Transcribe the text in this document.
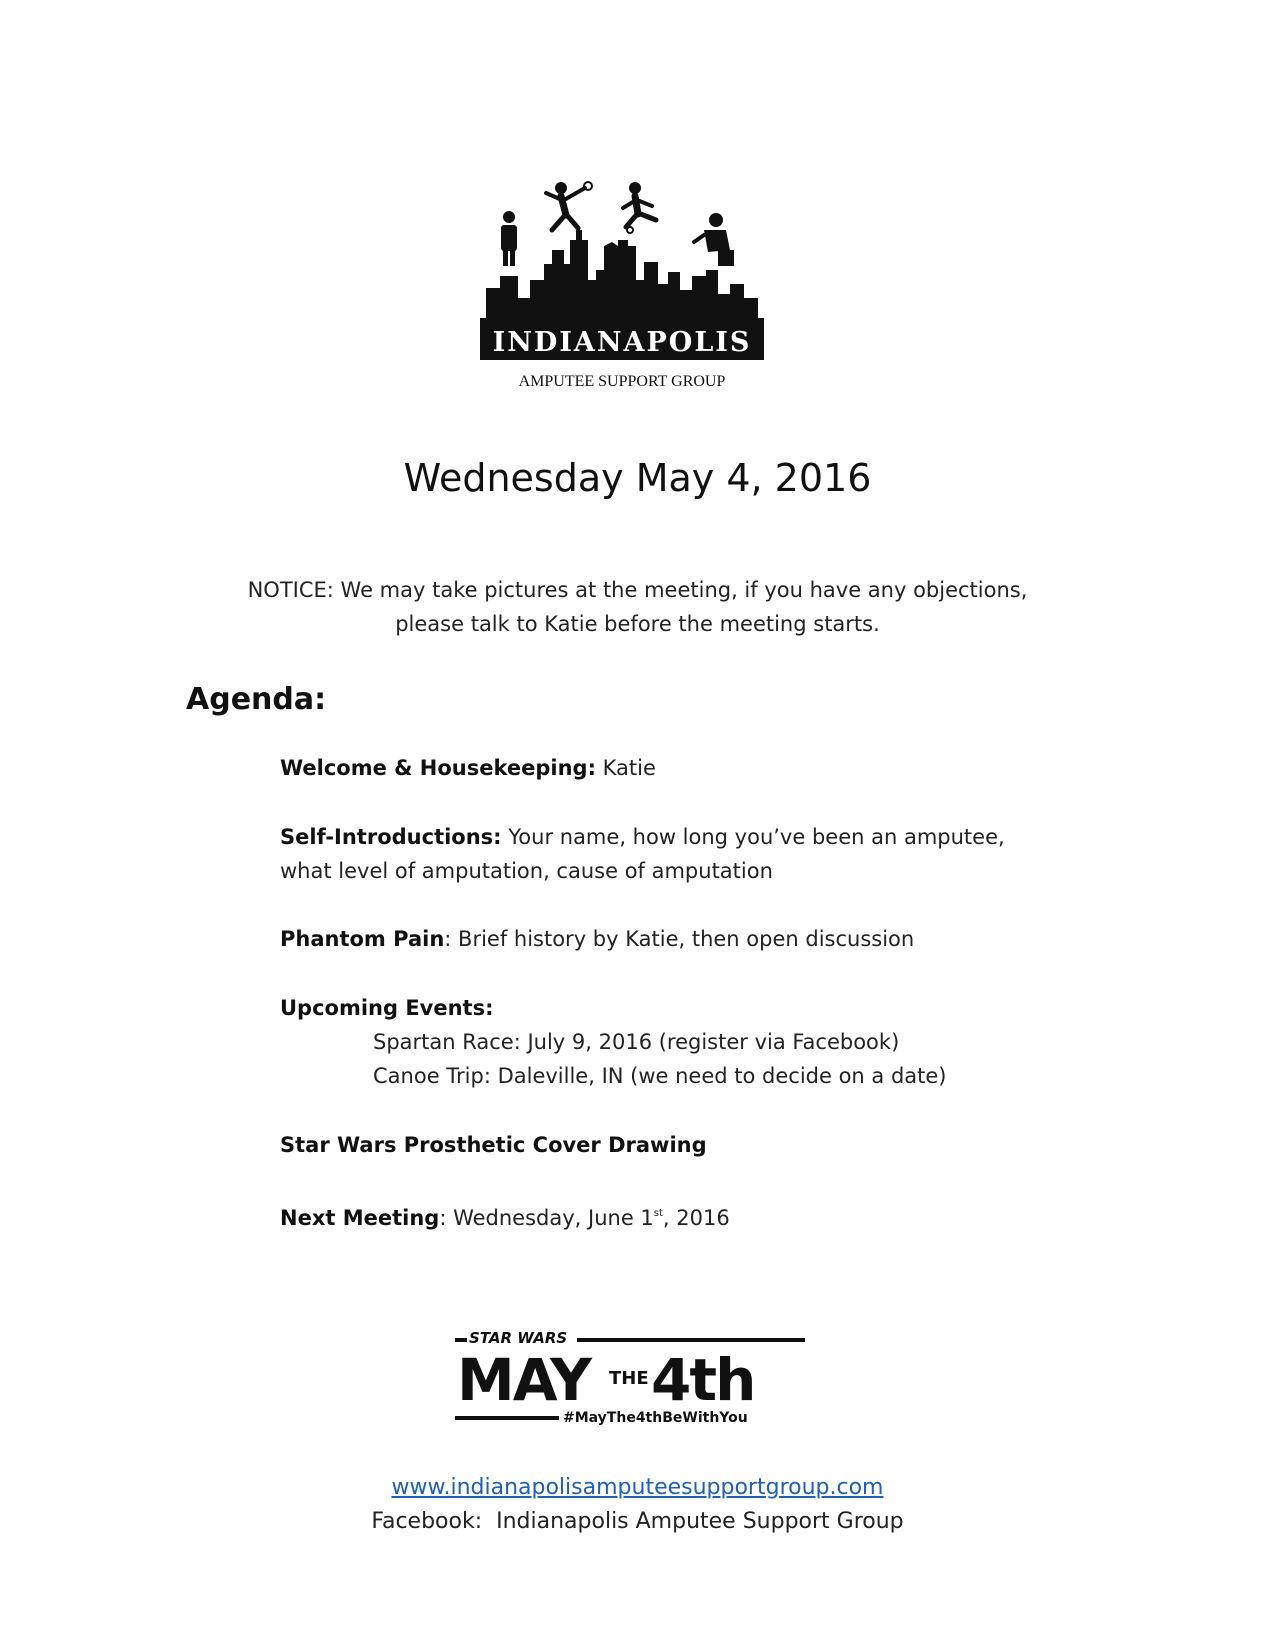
INDIANAPOLIS
AMPUTEE SUPPORT GROUP
Wednesday May 4, 2016
NOTICE: We may take pictures at the meeting, if you have any objections,
please talk to Katie before the meeting starts.
Agenda:
Welcome & Housekeeping: Katie
Self-Introductions: Your name, how long you’ve been an amputee,
what level of amputation, cause of amputation
Phantom Pain: Brief history by Katie, then open discussion
Upcoming Events:
Spartan Race: July 9, 2016 (register via Facebook)
Canoe Trip: Daleville, IN (we need to decide on a date)
Star Wars Prosthetic Cover Drawing
Next Meeting: Wednesday, June 1st, 2016
STAR WARS
MAY THE 4th
#MayThe4thBeWithYou
www.indianapolisamputeesupportgroup.com
Facebook:  Indianapolis Amputee Support Group
